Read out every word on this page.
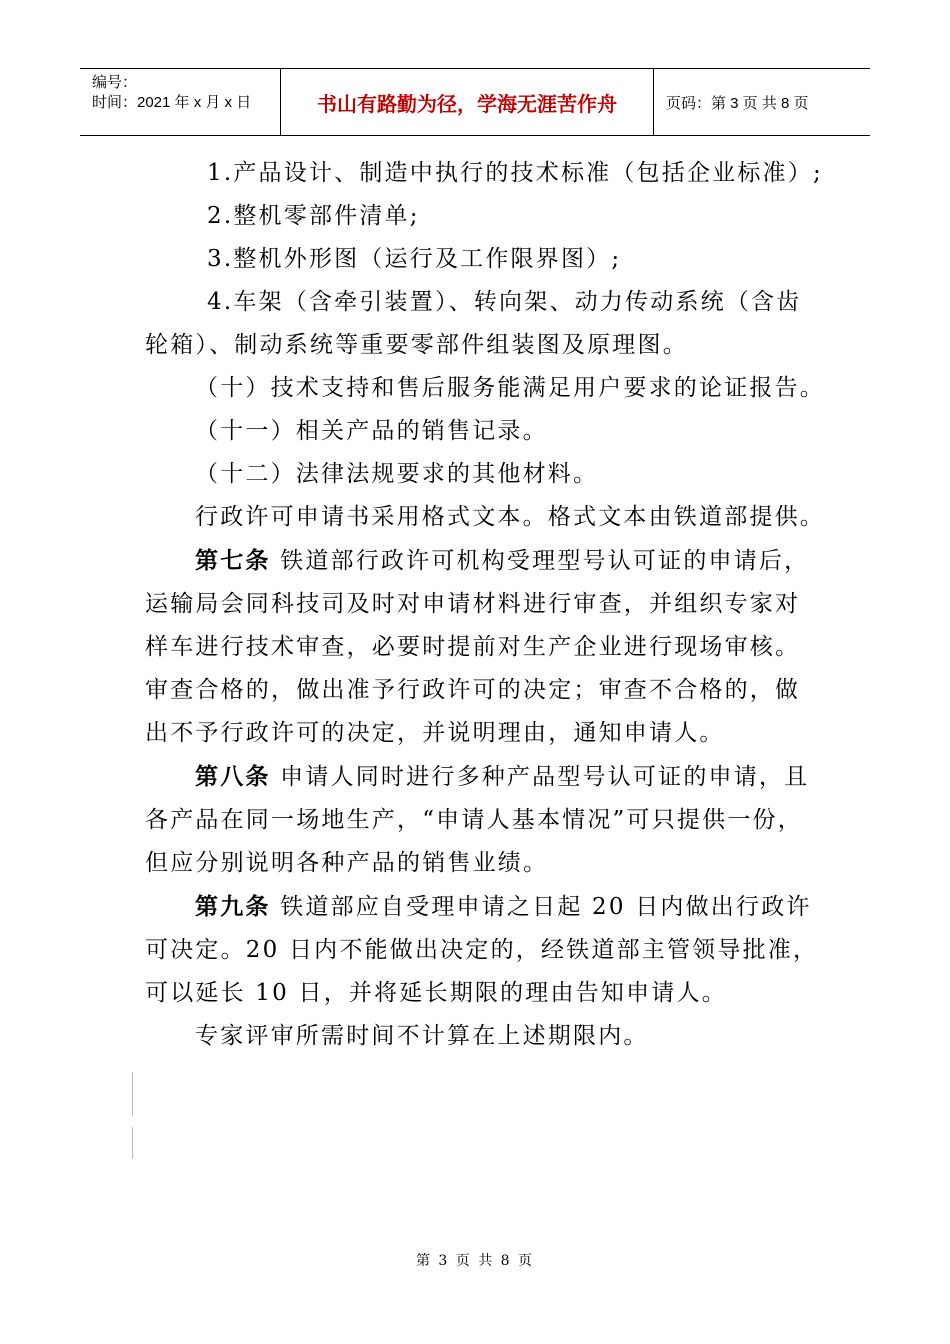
编号：
时间：2021 年 x 月 x 日	书山有路勤为径，学海无涯苦作舟	页码：第 3 页 共 8 页

1.产品设计、制造中执行的技术标准（包括企业标准）;

2.整机零部件清单;

3.整机外形图（运行及工作限界图）;

4.车架（含牵引装置）、转向架、动力传动系统（含齿轮箱）、制动系统等重要零部件组装图及原理图。

（十）技术支持和售后服务能满足用户要求的论证报告。

（十一）相关产品的销售记录。

（十二）法律法规要求的其他材料。

行政许可申请书采用格式文本。格式文本由铁道部提供。

第七条 铁道部行政许可机构受理型号认可证的申请后，运输局会同科技司及时对申请材料进行审查，并组织专家对样车进行技术审查，必要时提前对生产企业进行现场审核。审查合格的，做出准予行政许可的决定；审查不合格的，做出不予行政许可的决定，并说明理由，通知申请人。

第八条 申请人同时进行多种产品型号认可证的申请，且各产品在同一场地生产，“申请人基本情况”可只提供一份，但应分别说明各种产品的销售业绩。

第九条 铁道部应自受理申请之日起 20 日内做出行政许可决定。20 日内不能做出决定的，经铁道部主管领导批准，可以延长 10 日，并将延长期限的理由告知申请人。

专家评审所需时间不计算在上述期限内。

第 3 页 共 8 页
